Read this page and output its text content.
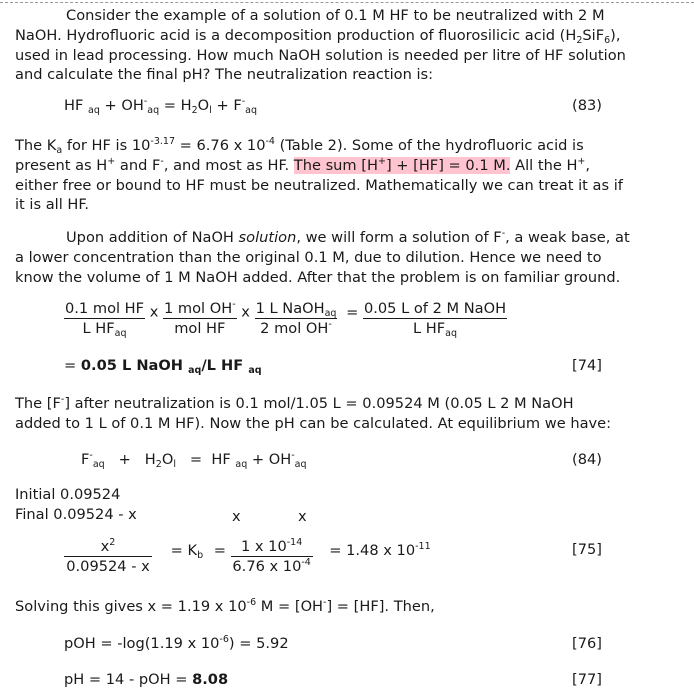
Consider the example of a solution of 0.1 M HF to be neutralized with 2 M
NaOH. Hydrofluoric acid is a decomposition production of fluorosilicic acid $(H_2SiF_6)$,
used in lead processing. How much NaOH solution is needed per litre of HF solution
and calculate the final pH? The neutralization reaction is:
HF $_{aq} + OH^-_{aq} = H_2O_l + F^-_{aq}$	(83)
The $K_a$ for HF is $10^{-3.17} = 6.76$ x $10^{-4}$ (Table 2). Some of the hydrofluoric acid is
present as H+ and F-, and most as HF. The sum [H+] + [HF] = 0.1 M. All the H+,
either free or bound to HF must be neutralized. Mathematically we can treat it as if
it is all HF.
Upon addition of NaOH solution, we will form a solution of F-, a weak base, at
a lower concentration than the original 0.1 M, due to dilution. Hence we need to
know the volume of 1 M NaOH added. After that the problem is on familiar ground.
$\frac{\text{0.1 mol HF}}{L HF_{aq}}$ x $\frac{1 mol OH^-}{\text{mol HF}}$ x $\frac{1 L NaOH_{aq}}{2 mol OH^-} = \frac{\text{0.05 L of 2 M NaOH}}{L HF_{aq}}$
= 0.05 L NaOH $_{aq}$/L HF $_{aq}$	[74]
The [F-] after neutralization is 0.1 mol/1.05 L = 0.09524 M (0.05 L 2 M NaOH
added to 1 L of 0.1 M HF). Now the pH can be calculated. At equilibrium we have:
$F^-_{aq} + H_2O_l$ = HF $_{aq} + OH^-_{aq}$	(84)
Initial 0.09524
Final 0.09524 - x	x	x
$\frac{x^2}{0.09524 - x} = K_b = \frac{1 x 10^{-14}}{6.76 x 10^{-4}} = 1.48$ x $10^{-11}$	[75]
Solving this gives x = 1.19 x $10^{-6}$ M = [OH-] = [HF]. Then,
pOH = -log(1.19 x $10^{-6}) = 5.92$	[76]
pH = 14 - pOH = 8.08	[77]
